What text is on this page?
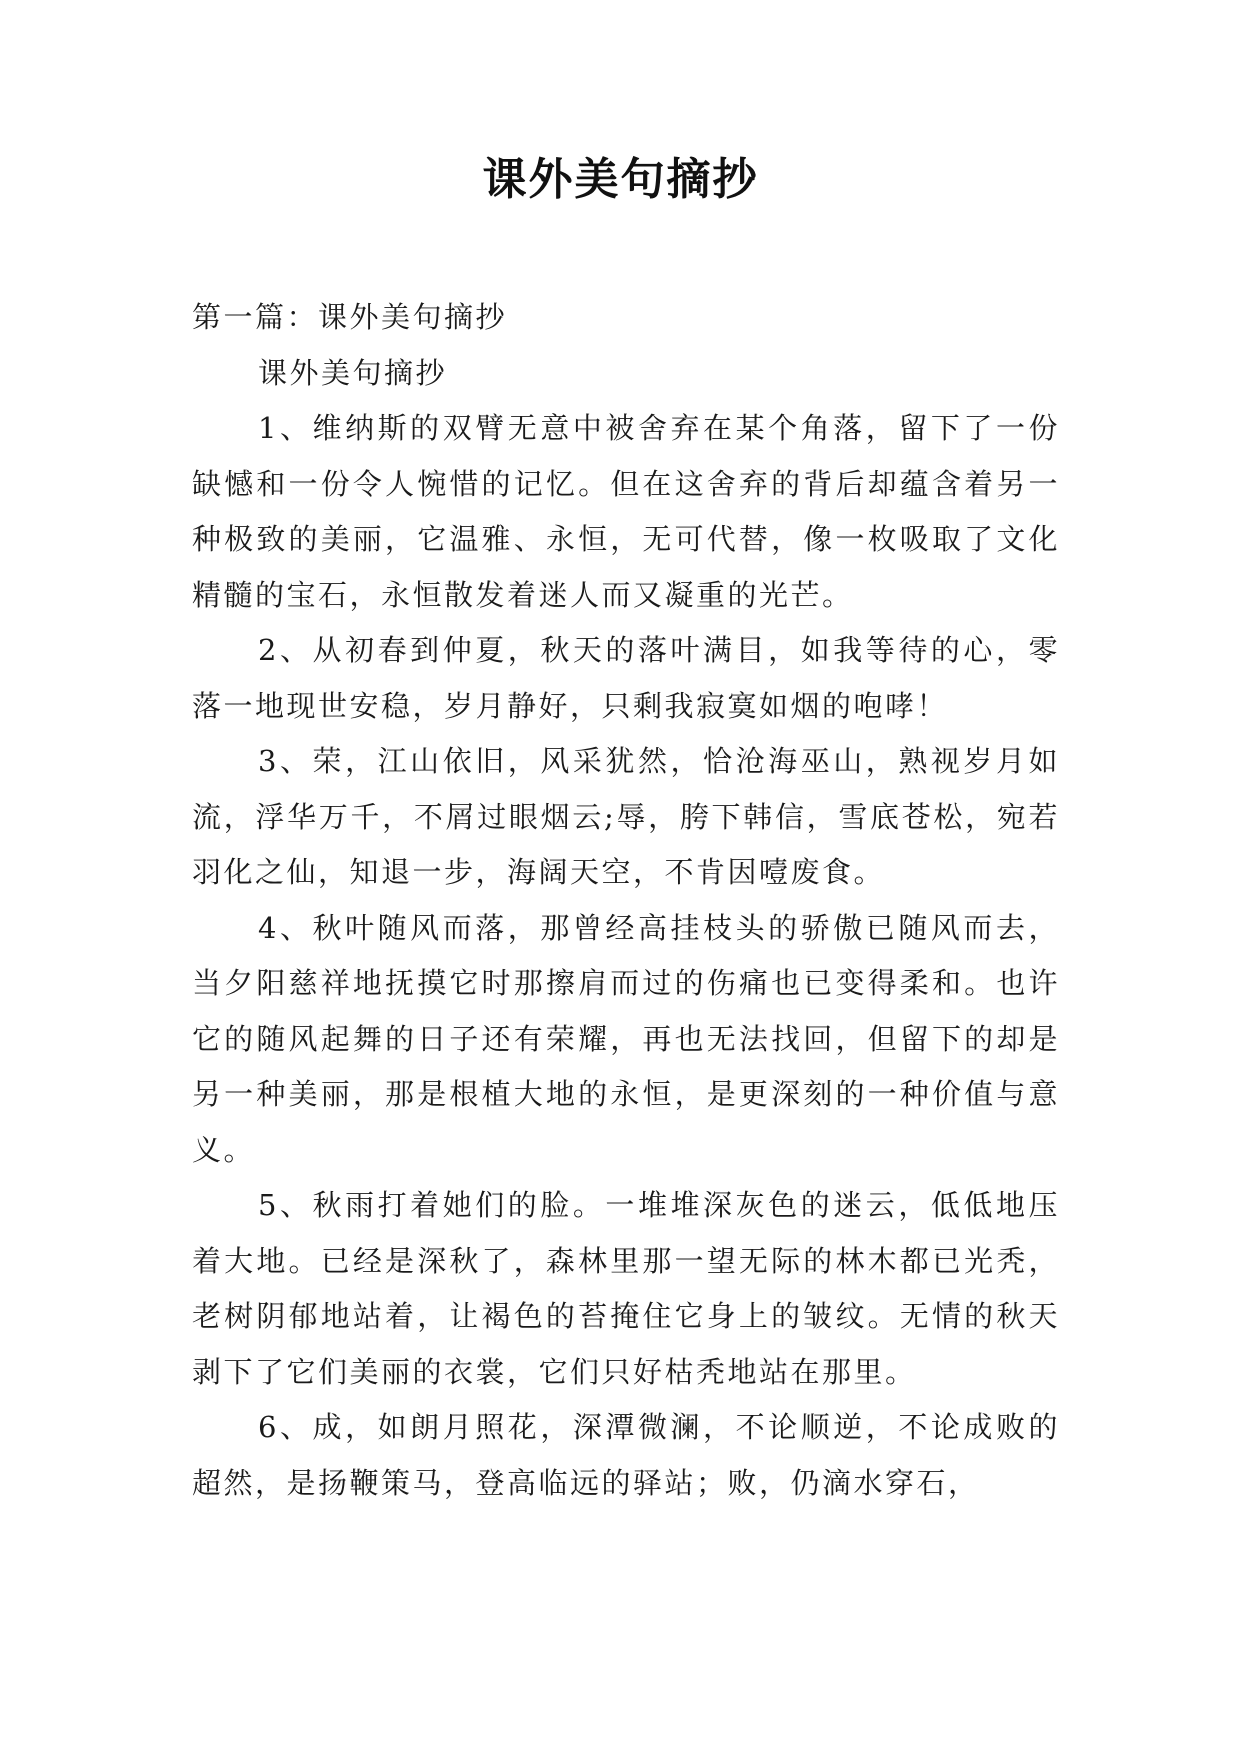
课外美句摘抄

第一篇：课外美句摘抄

课外美句摘抄

1、维纳斯的双臂无意中被舍弃在某个角落，留下了一份缺憾和一份令人惋惜的记忆。但在这舍弃的背后却蕴含着另一种极致的美丽，它温雅、永恒，无可代替，像一枚吸取了文化精髓的宝石，永恒散发着迷人而又凝重的光芒。

2、从初春到仲夏，秋天的落叶满目，如我等待的心，零落一地现世安稳，岁月静好，只剩我寂寞如烟的咆哮！

3、荣，江山依旧，风采犹然，恰沧海巫山，熟视岁月如流，浮华万千，不屑过眼烟云;辱，胯下韩信，雪底苍松，宛若羽化之仙，知退一步，海阔天空，不肯因噎废食。

4、秋叶随风而落，那曾经高挂枝头的骄傲已随风而去，当夕阳慈祥地抚摸它时那擦肩而过的伤痛也已变得柔和。也许它的随风起舞的日子还有荣耀，再也无法找回，但留下的却是另一种美丽，那是根植大地的永恒，是更深刻的一种价值与意义。

5、秋雨打着她们的脸。一堆堆深灰色的迷云，低低地压着大地。已经是深秋了，森林里那一望无际的林木都已光秃，老树阴郁地站着，让褐色的苔掩住它身上的皱纹。无情的秋天剥下了它们美丽的衣裳，它们只好枯秃地站在那里。

6、成，如朗月照花，深潭微澜，不论顺逆，不论成败的超然，是扬鞭策马，登高临远的驿站；败，仍滴水穿石，
